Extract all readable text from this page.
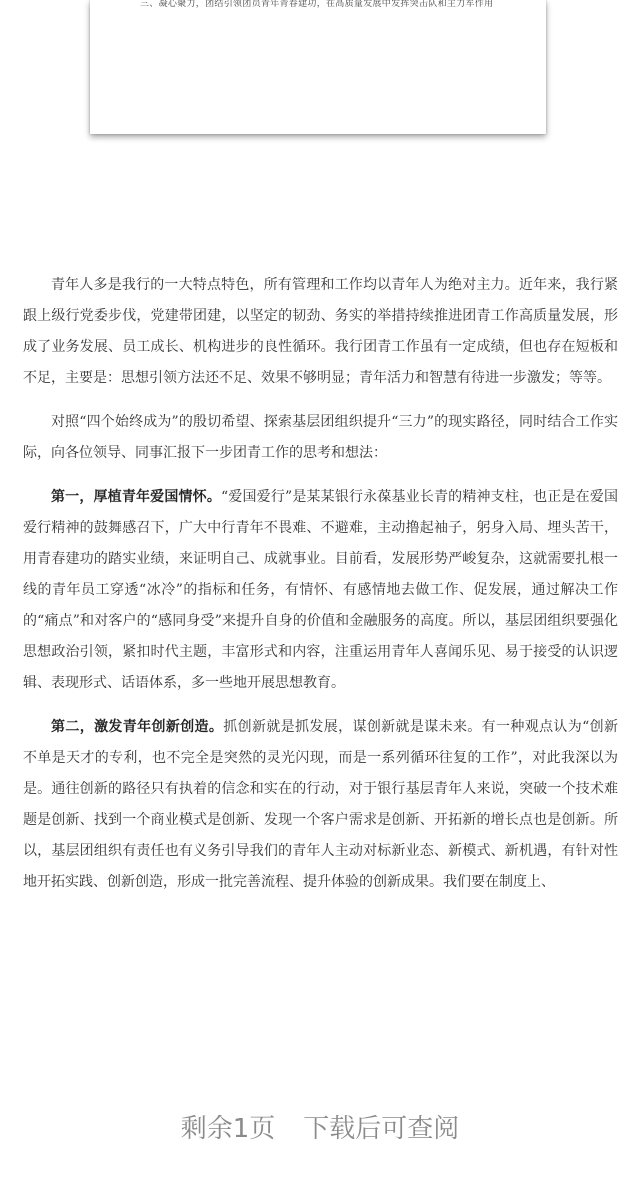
三、凝心聚力，团结引领团员青年青春建功，在高质量发展中发挥突击队和主力军作用

青年人多是我行的一大特点特色，所有管理和工作均以青年人为绝对主力。近年来，我行紧跟上级行党委步伐，党建带团建，以坚定的韧劲、务实的举措持续推进团青工作高质量发展，形成了业务发展、员工成长、机构进步的良性循环。我行团青工作虽有一定成绩，但也存在短板和不足，主要是：思想引领方法还不足、效果不够明显；青年活力和智慧有待进一步激发；等等。

对照“四个始终成为”的殷切希望、探索基层团组织提升“三力”的现实路径，同时结合工作实际，向各位领导、同事汇报下一步团青工作的思考和想法：

第一，厚植青年爱国情怀。“爱国爱行”是某某银行永葆基业长青的精神支柱，也正是在爱国爱行精神的鼓舞感召下，广大中行青年不畏难、不避难，主动撸起袖子，躬身入局、埋头苦干，用青春建功的踏实业绩，来证明自己、成就事业。目前看，发展形势严峻复杂，这就需要扎根一线的青年员工穿透“冰冷”的指标和任务，有情怀、有感情地去做工作、促发展，通过解决工作的“痛点”和对客户的“感同身受”来提升自身的价值和金融服务的高度。所以，基层团组织要强化思想政治引领，紧扣时代主题，丰富形式和内容，注重运用青年人喜闻乐见、易于接受的认识逻辑、表现形式、话语体系，多一些地开展思想教育。

第二，激发青年创新创造。抓创新就是抓发展，谋创新就是谋未来。有一种观点认为“创新不单是天才的专利，也不完全是突然的灵光闪现，而是一系列循环往复的工作”，对此我深以为是。通往创新的路径只有执着的信念和实在的行动，对于银行基层青年人来说，突破一个技术难题是创新、找到一个商业模式是创新、发现一个客户需求是创新、开拓新的增长点也是创新。所以，基层团组织有责任也有义务引导我们的青年人主动对标新业态、新模式、新机遇，有针对性地开拓实践、创新创造，形成一批完善流程、提升体验的创新成果。我们要在制度上、

剩余1页 下载后可查阅
